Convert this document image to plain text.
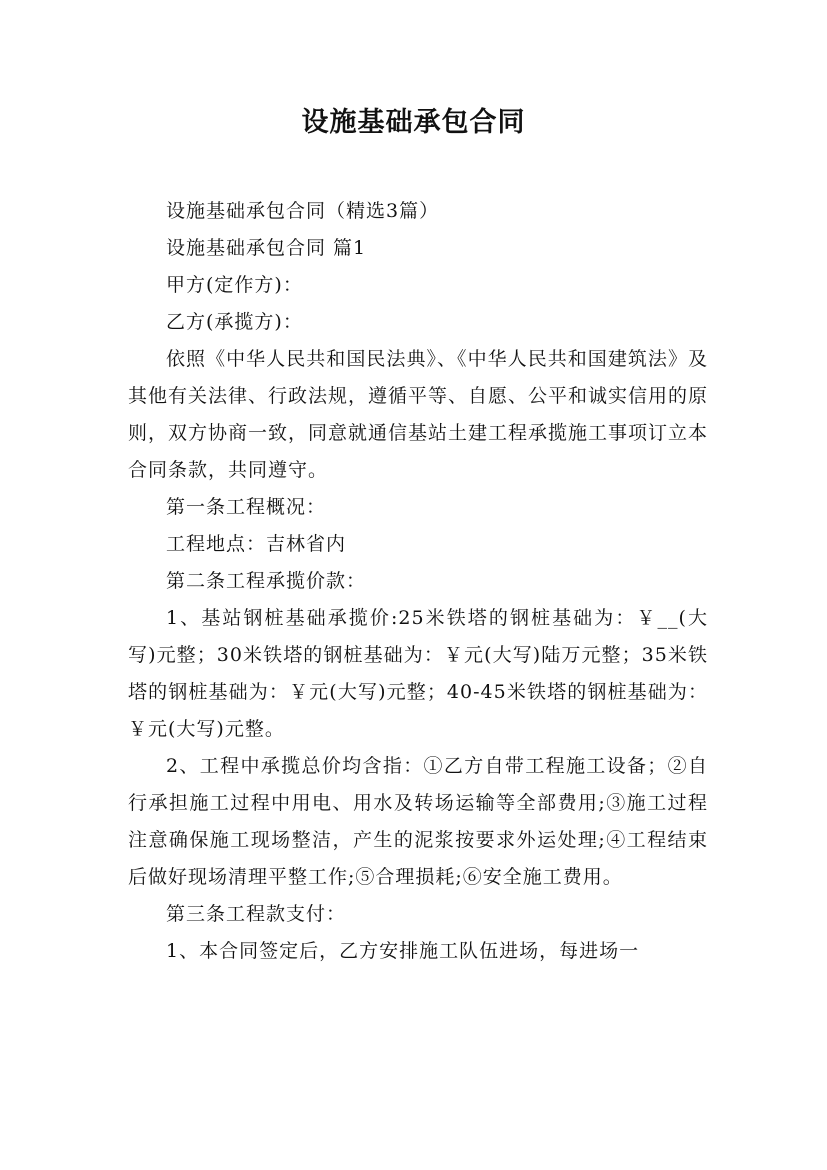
设施基础承包合同

设施基础承包合同（精选3篇）

设施基础承包合同 篇1

甲方(定作方)：

乙方(承揽方)：

依照《中华人民共和国民法典》、《中华人民共和国建筑法》及其他有关法律、行政法规，遵循平等、自愿、公平和诚实信用的原则，双方协商一致，同意就通信基站土建工程承揽施工事项订立本合同条款，共同遵守。

第一条工程概况：

工程地点：吉林省内

第二条工程承揽价款：

1、基站钢桩基础承揽价:25米铁塔的钢桩基础为：￥__(大写)元整；30米铁塔的钢桩基础为：￥元(大写)陆万元整；35米铁塔的钢桩基础为：￥元(大写)元整；40-45米铁塔的钢桩基础为：￥元(大写)元整。

2、工程中承揽总价均含指：①乙方自带工程施工设备；②自行承担施工过程中用电、用水及转场运输等全部费用;③施工过程注意确保施工现场整洁，产生的泥浆按要求外运处理;④工程结束后做好现场清理平整工作;⑤合理损耗;⑥安全施工费用。

第三条工程款支付：

1、本合同签定后，乙方安排施工队伍进场，每进场一
